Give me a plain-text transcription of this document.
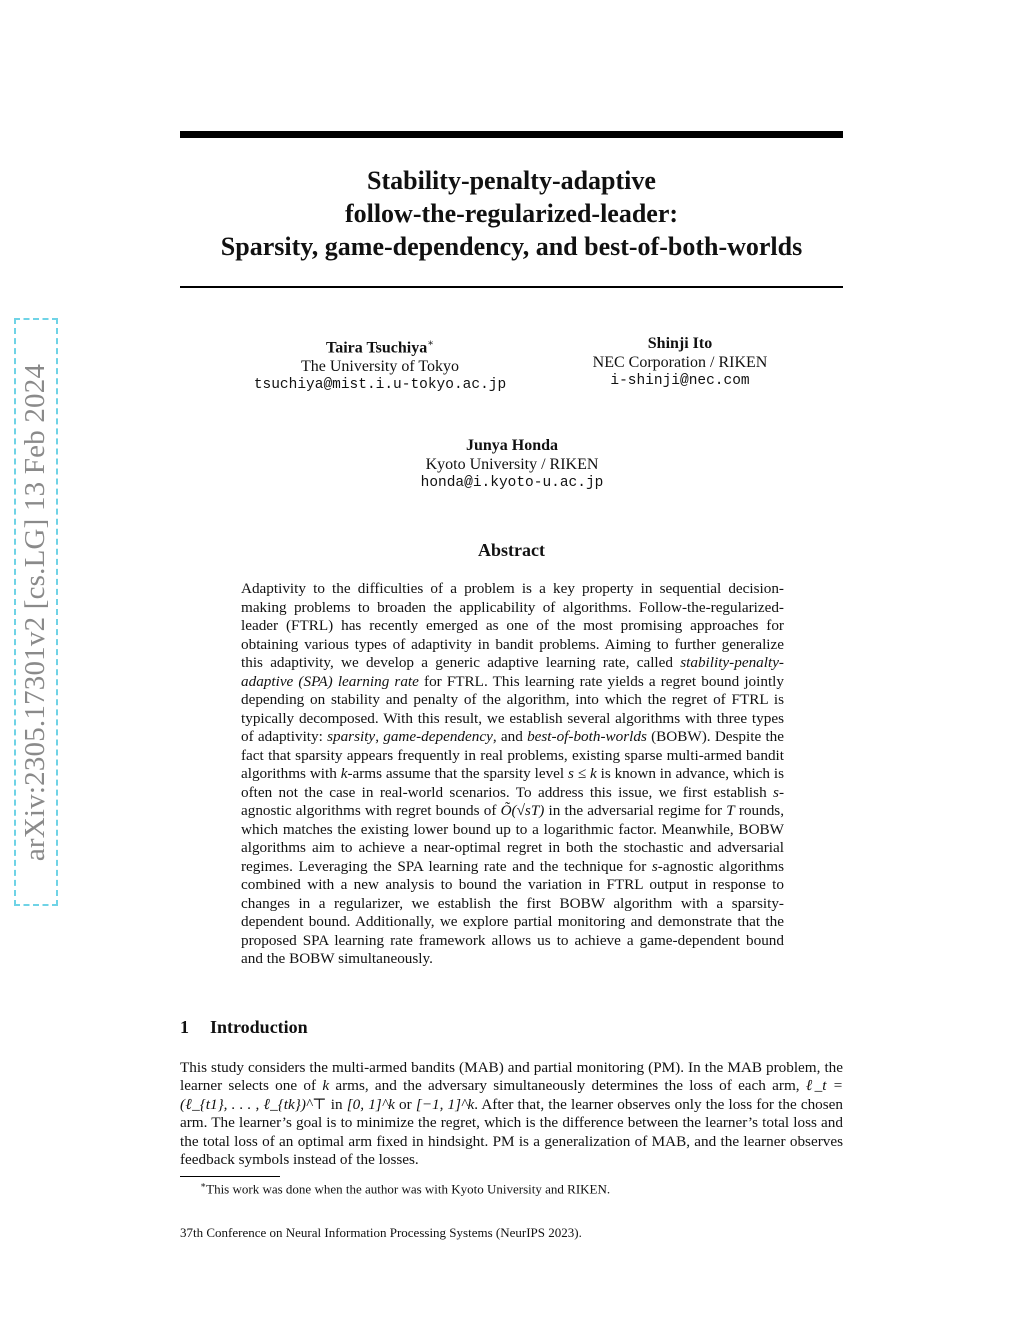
arXiv:2305.17301v2 [cs.LG] 13 Feb 2024
Stability-penalty-adaptive
follow-the-regularized-leader:
Sparsity, game-dependency, and best-of-both-worlds
Taira Tsuchiya∗
The University of Tokyo
tsuchiya@mist.i.u-tokyo.ac.jp
Shinji Ito
NEC Corporation / RIKEN
i-shinji@nec.com
Junya Honda
Kyoto University / RIKEN
honda@i.kyoto-u.ac.jp
Abstract

Adaptivity to the difficulties of a problem is a key property in sequential decision-making problems to broaden the applicability of algorithms. Follow-the-regularized-leader (FTRL) has recently emerged as one of the most promising approaches for obtaining various types of adaptivity in bandit problems. Aiming to further generalize this adaptivity, we develop a generic adaptive learning rate, called stability-penalty-adaptive (SPA) learning rate for FTRL. This learning rate yields a regret bound jointly depending on stability and penalty of the algorithm, into which the regret of FTRL is typically decomposed. With this result, we establish several algorithms with three types of adaptivity: sparsity, game-dependency, and best-of-both-worlds (BOBW). Despite the fact that sparsity appears frequently in real problems, existing sparse multi-armed bandit algorithms with k-arms assume that the sparsity level s ≤ k is known in advance, which is often not the case in real-world scenarios. To address this issue, we first establish s-agnostic algorithms with regret bounds of Õ(√sT) in the adversarial regime for T rounds, which matches the existing lower bound up to a logarithmic factor. Meanwhile, BOBW algorithms aim to achieve a near-optimal regret in both the stochastic and adversarial regimes. Leveraging the SPA learning rate and the technique for s-agnostic algorithms combined with a new analysis to bound the variation in FTRL output in response to changes in a regularizer, we establish the first BOBW algorithm with a sparsity-dependent bound. Additionally, we explore partial monitoring and demonstrate that the proposed SPA learning rate framework allows us to achieve a game-dependent bound and the BOBW simultaneously.

1 Introduction

This study considers the multi-armed bandits (MAB) and partial monitoring (PM). In the MAB problem, the learner selects one of k arms, and the adversary simultaneously determines the loss of each arm, ℓ_t = (ℓ_{t1}, . . . , ℓ_{tk})^⊤ in [0, 1]^k or [−1, 1]^k. After that, the learner observes only the loss for the chosen arm. The learner’s goal is to minimize the regret, which is the difference between the learner’s total loss and the total loss of an optimal arm fixed in hindsight. PM is a generalization of MAB, and the learner observes feedback symbols instead of the losses.

∗This work was done when the author was with Kyoto University and RIKEN.

37th Conference on Neural Information Processing Systems (NeurIPS 2023).
